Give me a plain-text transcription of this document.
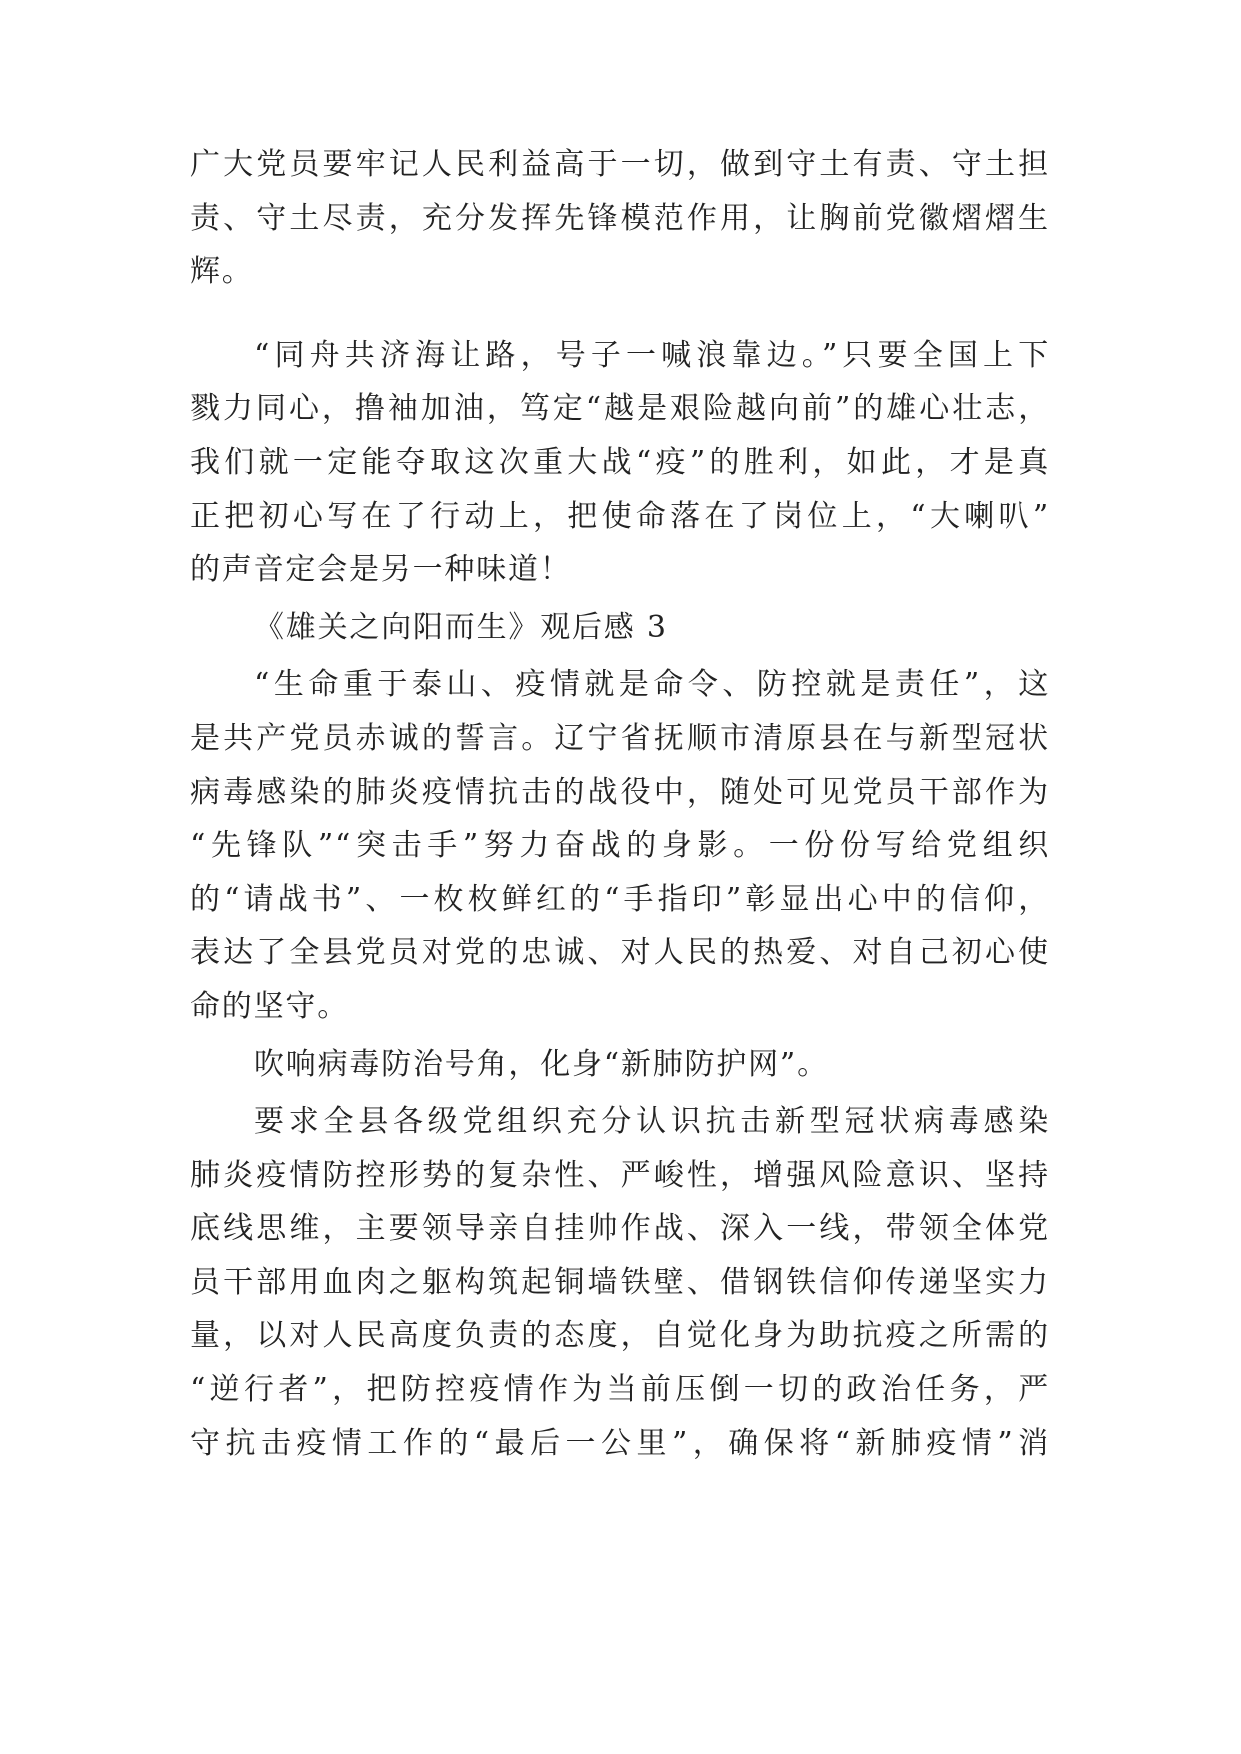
广大党员要牢记人民利益高于一切，做到守土有责、守土担
责、守土尽责，充分发挥先锋模范作用，让胸前党徽熠熠生
辉。
“同舟共济海让路，号子一喊浪靠边。”只要全国上下
戮力同心，撸袖加油，笃定“越是艰险越向前”的雄心壮志，
我们就一定能夺取这次重大战“疫”的胜利，如此，才是真
正把初心写在了行动上，把使命落在了岗位上，“大喇叭”
的声音定会是另一种味道！
《雄关之向阳而生》观后感 3
“生命重于泰山、疫情就是命令、防控就是责任”，这
是共产党员赤诚的誓言。辽宁省抚顺市清原县在与新型冠状
病毒感染的肺炎疫情抗击的战役中，随处可见党员干部作为
“先锋队”“突击手”努力奋战的身影。一份份写给党组织
的“请战书”、一枚枚鲜红的“手指印”彰显出心中的信仰，
表达了全县党员对党的忠诚、对人民的热爱、对自己初心使
命的坚守。
吹响病毒防治号角，化身“新肺防护网”。
要求全县各级党组织充分认识抗击新型冠状病毒感染
肺炎疫情防控形势的复杂性、严峻性，增强风险意识、坚持
底线思维，主要领导亲自挂帅作战、深入一线，带领全体党
员干部用血肉之躯构筑起铜墙铁壁、借钢铁信仰传递坚实力
量，以对人民高度负责的态度，自觉化身为助抗疫之所需的
“逆行者”，把防控疫情作为当前压倒一切的政治任务，严
守抗击疫情工作的“最后一公里”，确保将“新肺疫情”消
